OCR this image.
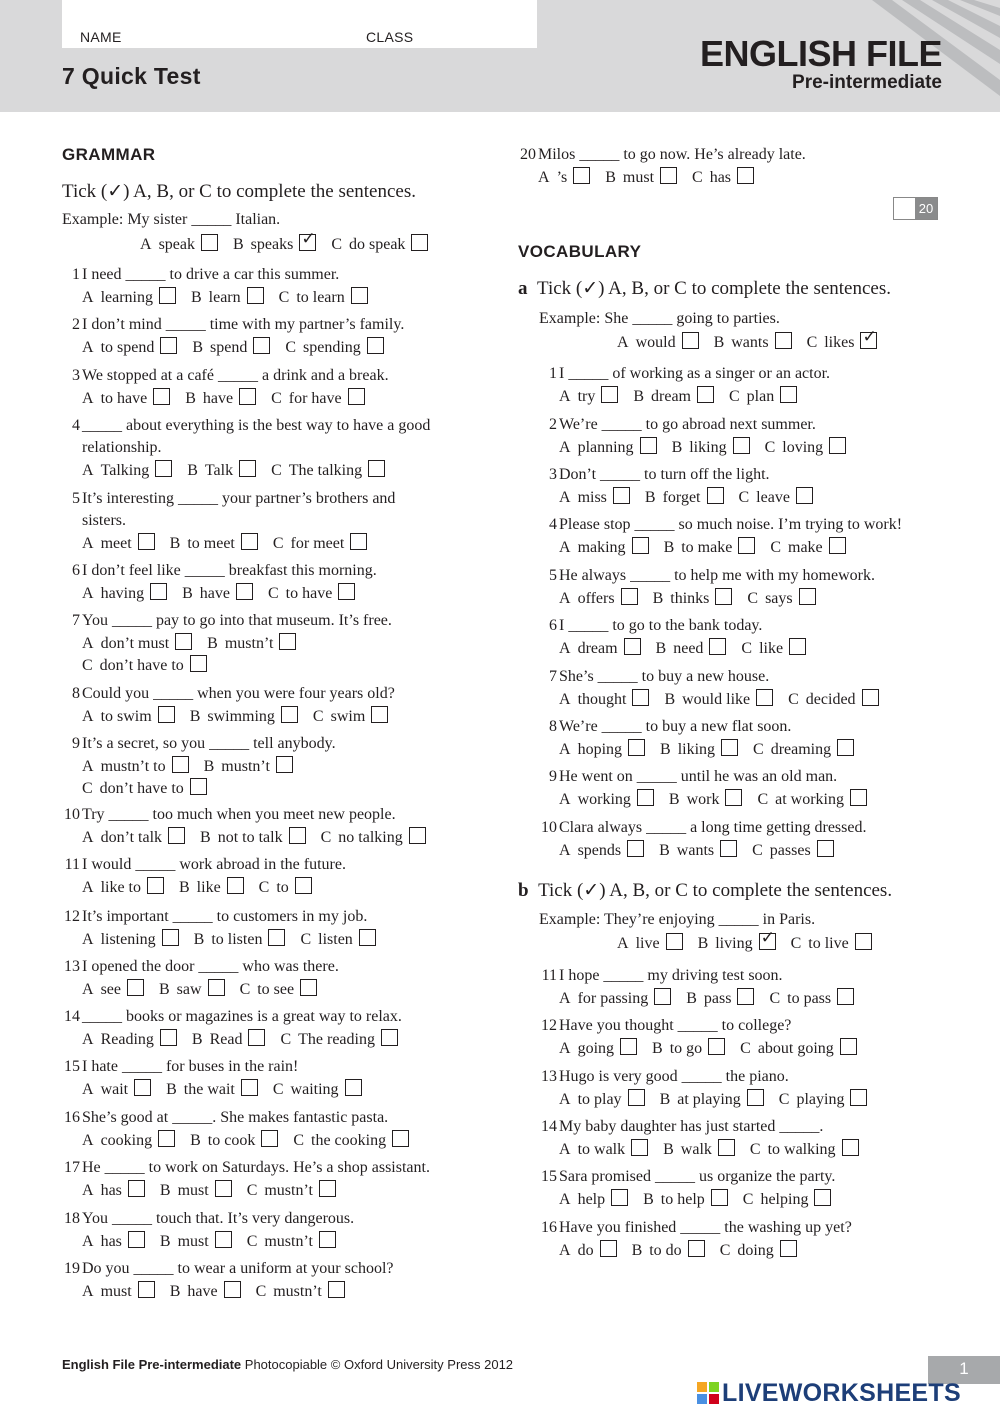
NAME	CLASS
7 Quick Test
ENGLISH FILE
Pre-intermediate
GRAMMAR
Tick (✓) A, B, or C to complete the sentences.
Example: My sister _____ Italian.
A speak B speaks ✓ C do speak
1 I need _____ to drive a car this summer.
A learning B learn C to learn
2 I don’t mind _____ time with my partner’s family.
A to spend B spend C spending
3 We stopped at a café _____ a drink and a break.
A to have B have C for have
4 _____ about everything is the best way to have a good
relationship.
A Talking B Talk C The talking
5 It’s interesting _____ your partner’s brothers and
sisters.
A meet B to meet C for meet
6 I don’t feel like _____ breakfast this morning.
A having B have C to have
7 You _____ pay to go into that museum. It’s free.
A don’t must B mustn’t
C don’t have to
8 Could you _____ when you were four years old?
A to swim B swimming C swim
9 It’s a secret, so you _____ tell anybody.
A mustn’t to B mustn’t
C don’t have to
10 Try _____ too much when you meet new people.
A don’t talk B not to talk C no talking
11 I would _____ work abroad in the future.
A like to B like C to
12 It’s important _____ to customers in my job.
A listening B to listen C listen
13 I opened the door _____ who was there.
A see B saw C to see
14 _____ books or magazines is a great way to relax.
A Reading B Read C The reading
15 I hate _____ for buses in the rain!
A wait B the wait C waiting
16 She’s good at _____. She makes fantastic pasta.
A cooking B to cook C the cooking
17 He _____ to work on Saturdays. He’s a shop assistant.
A has B must C mustn’t
18 You _____ touch that. It’s very dangerous.
A has B must C mustn’t
19 Do you _____ to wear a uniform at your school?
A must B have C mustn’t
20 Milos _____ to go now. He’s already late.
A ’s B must C has
20
VOCABULARY
a Tick (✓) A, B, or C to complete the sentences.
Example: She _____ going to parties.
A would B wants C likes ✓
1 I _____ of working as a singer or an actor.
A try B dream C plan
2 We’re _____ to go abroad next summer.
A planning B liking C loving
3 Don’t _____ to turn off the light.
A miss B forget C leave
4 Please stop _____ so much noise. I’m trying to work!
A making B to make C make
5 He always _____ to help me with my homework.
A offers B thinks C says
6 I _____ to go to the bank today.
A dream B need C like
7 She’s _____ to buy a new house.
A thought B would like C decided
8 We’re _____ to buy a new flat soon.
A hoping B liking C dreaming
9 He went on _____ until he was an old man.
A working B work C at working
10 Clara always _____ a long time getting dressed.
A spends B wants C passes
b Tick (✓) A, B, or C to complete the sentences.
Example: They’re enjoying _____ in Paris.
A live B living ✓ C to live
11 I hope _____ my driving test soon.
A for passing B pass C to pass
12 Have you thought _____ to college?
A going B to go C about going
13 Hugo is very good _____ the piano.
A to play B at playing C playing
14 My baby daughter has just started _____.
A to walk B walk C to walking
15 Sara promised _____ us organize the party.
A help B to help C helping
16 Have you finished _____ the washing up yet?
A do B to do C doing
English File Pre-intermediate Photocopiable © Oxford University Press 2012	1
LIVEWORKSHEETS
